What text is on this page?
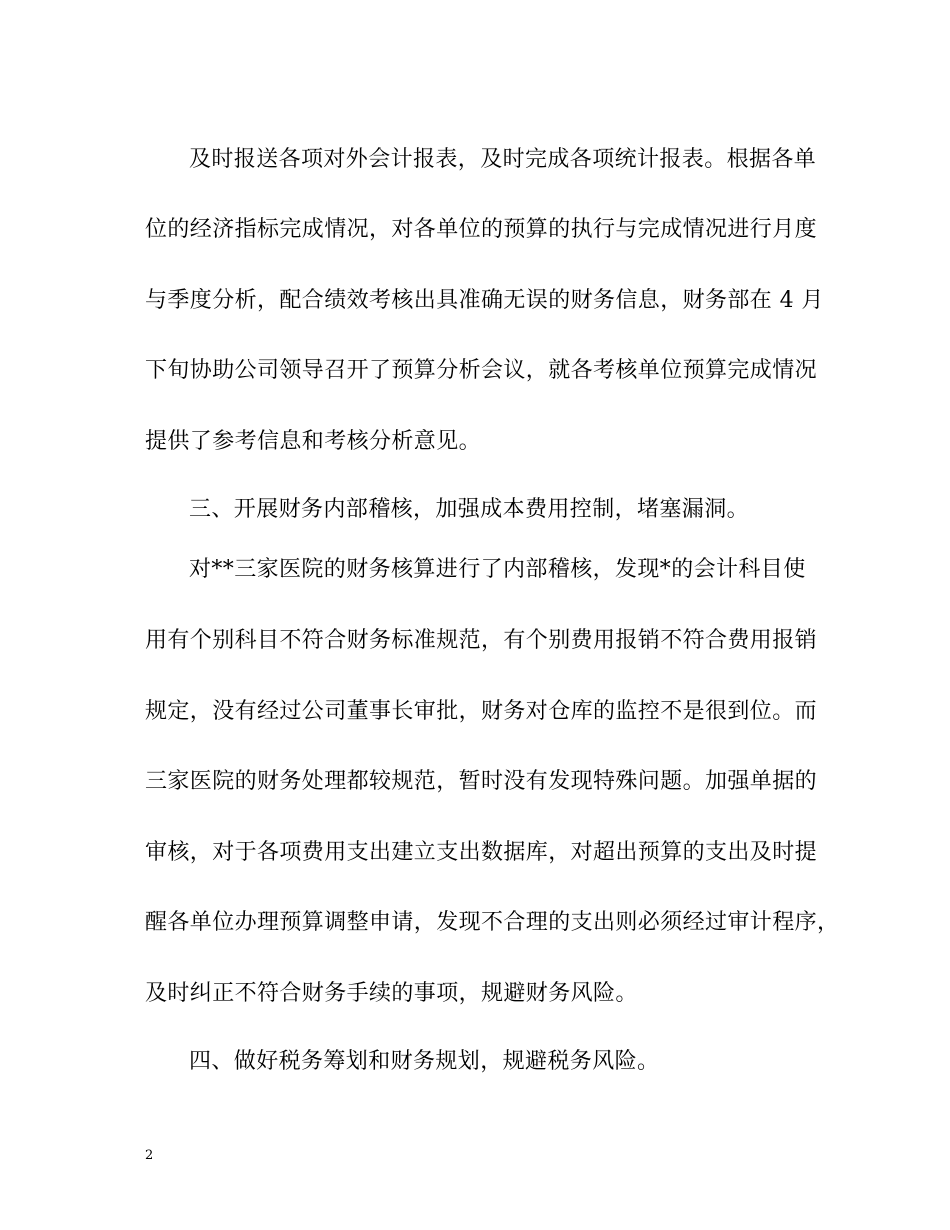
及时报送各项对外会计报表，及时完成各项统计报表。根据各单
位的经济指标完成情况，对各单位的预算的执行与完成情况进行月度
与季度分析，配合绩效考核出具准确无误的财务信息，财务部在 4 月
下旬协助公司领导召开了预算分析会议，就各考核单位预算完成情况
提供了参考信息和考核分析意见。
三、开展财务内部稽核，加强成本费用控制，堵塞漏洞。
对**三家医院的财务核算进行了内部稽核，发现*的会计科目使
用有个别科目不符合财务标准规范，有个别费用报销不符合费用报销
规定，没有经过公司董事长审批，财务对仓库的监控不是很到位。而
三家医院的财务处理都较规范，暂时没有发现特殊问题。加强单据的
审核，对于各项费用支出建立支出数据库，对超出预算的支出及时提
醒各单位办理预算调整申请，发现不合理的支出则必须经过审计程序，
及时纠正不符合财务手续的事项，规避财务风险。
四、做好税务筹划和财务规划，规避税务风险。
2
